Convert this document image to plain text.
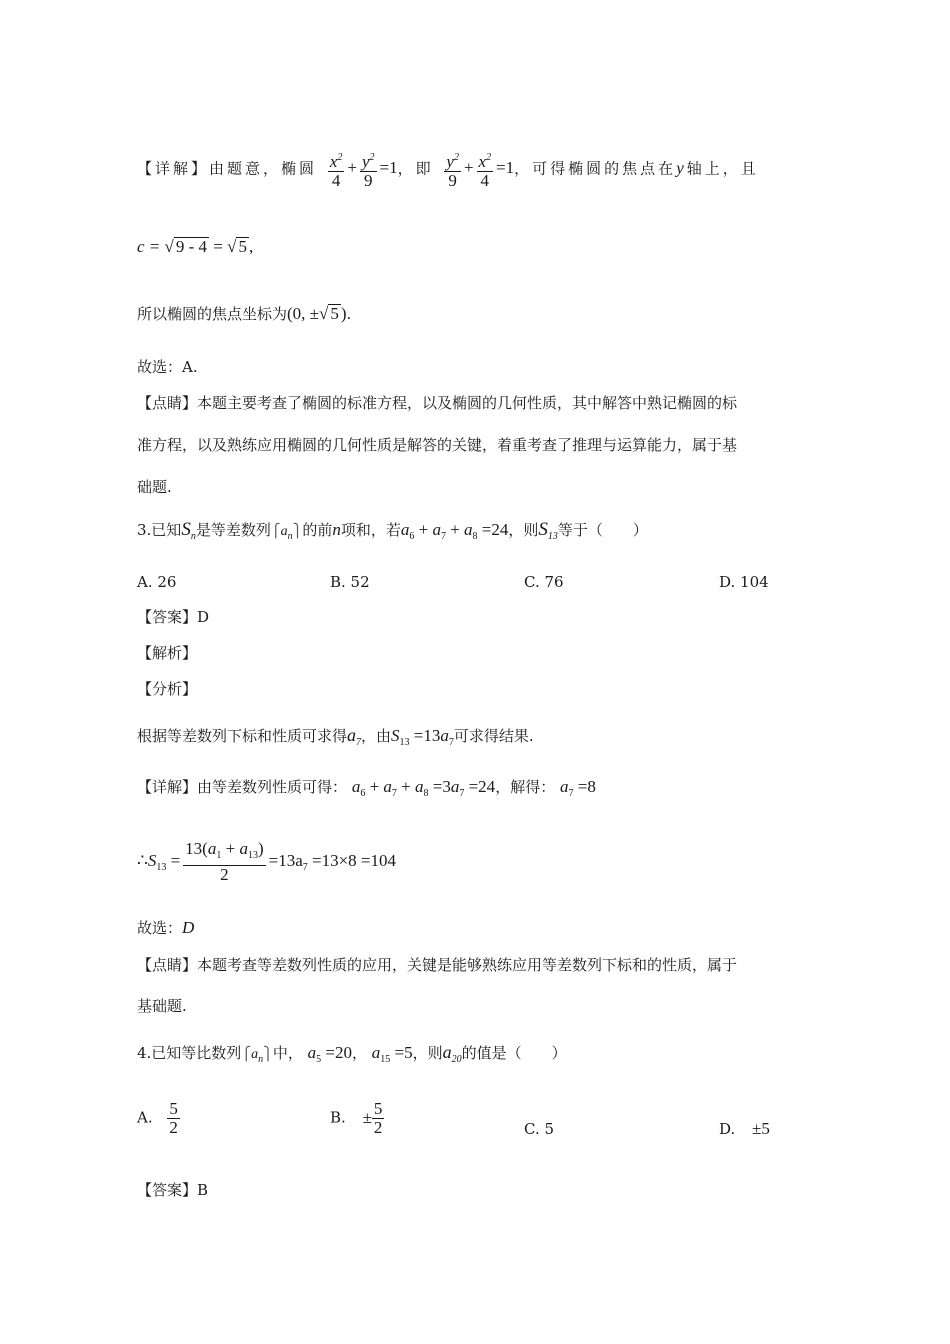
【详解】由题意，椭圆 $\frac{x^2}{4} + \frac{y^2}{9} =1$，即 $\frac{y^2}{9} + \frac{x^2}{4} =1$，可得椭圆的焦点在y轴上，且
c = √ 9 - 4 = √ 5 ,
所以椭圆的焦点坐标为(0, ±√ 5 ).
故选：A.
【点睛】本题主要考查了椭圆的标准方程，以及椭圆的几何性质，其中解答中熟记椭圆的标
准方程，以及熟练应用椭圆的几何性质是解答的关键，着重考查了推理与运算能力，属于基
础题.
3.已知$S_n$是等差数列$⎧a_n⎫$的前n项和，若$a_6 + a_7 + a_8 =24$，则$S_{13}$等于（　　）
A. 26	B. 52	C. 76	D. 104
【答案】D
【解析】
【分析】
根据等差数列下标和性质可求得$a_7$，由$S_{13} =13a_7$可求得结果.
【详解】由等差数列性质可得： $a_6 + a_7 + a_8 =3a_7 =24$，解得： $a_7 =8$
$\therefore S_{13} = \frac{13(a_1 + a_{13})}{2} =13a_7 =13\times 8 =104$
故选：D
【点睛】本题考查等差数列性质的应用，关键是能够熟练应用等差数列下标和的性质，属于
基础题.
4.已知等比数列$⎧a_n⎫$中， $a_5 =20$， $a_{15} =5$，则$a_{20}$的值是（　　）
A. $\frac{5}{2}$	B. ± $\frac{5}{2}$	C. 5	D. ±5
【答案】B
